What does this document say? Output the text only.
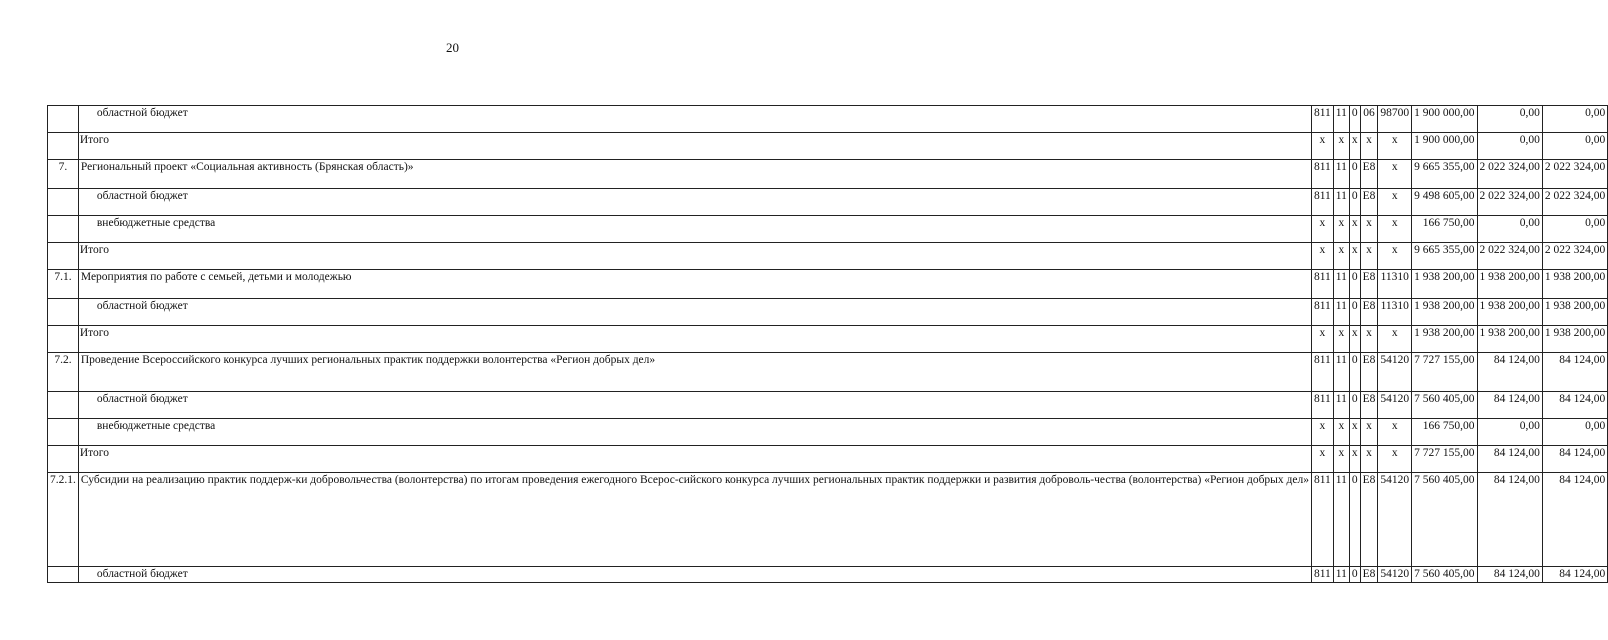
20
	областной бюджет	811	11	0	06	98700	1 900 000,00	0,00	0,00
	Итого	х	х	х	х	х	1 900 000,00	0,00	0,00
7.	Региональный проект «Социальная активность (Брянская область)»	811	11	0	Е8	х	9 665 355,00	2 022 324,00	2 022 324,00
	областной бюджет	811	11	0	Е8	х	9 498 605,00	2 022 324,00	2 022 324,00
	внебюджетные средства	х	х	х	х	х	166 750,00	0,00	0,00
	Итого	х	х	х	х	х	9 665 355,00	2 022 324,00	2 022 324,00
7.1.	Мероприятия по работе с семьей, детьми и молодежью	811	11	0	Е8	11310	1 938 200,00	1 938 200,00	1 938 200,00
	областной бюджет	811	11	0	Е8	11310	1 938 200,00	1 938 200,00	1 938 200,00
	Итого	х	х	х	х	х	1 938 200,00	1 938 200,00	1 938 200,00
7.2.	Проведение Всероссийского конкурса лучших региональных практик поддержки волонтерства «Регион добрых дел»	811	11	0	Е8	54120	7 727 155,00	84 124,00	84 124,00
	областной бюджет	811	11	0	Е8	54120	7 560 405,00	84 124,00	84 124,00
	внебюджетные средства	х	х	х	х	х	166 750,00	0,00	0,00
	Итого	х	х	х	х	х	7 727 155,00	84 124,00	84 124,00
7.2.1.	Субсидии на реализацию практик поддерж-ки добровольчества (волонтерства) по итогам проведения ежегодного Всерос-сийского конкурса лучших региональных практик поддержки и развития доброволь-чества (волонтерства) «Регион добрых дел»	811	11	0	Е8	54120	7 560 405,00	84 124,00	84 124,00
	областной бюджет	811	11	0	Е8	54120	7 560 405,00	84 124,00	84 124,00
